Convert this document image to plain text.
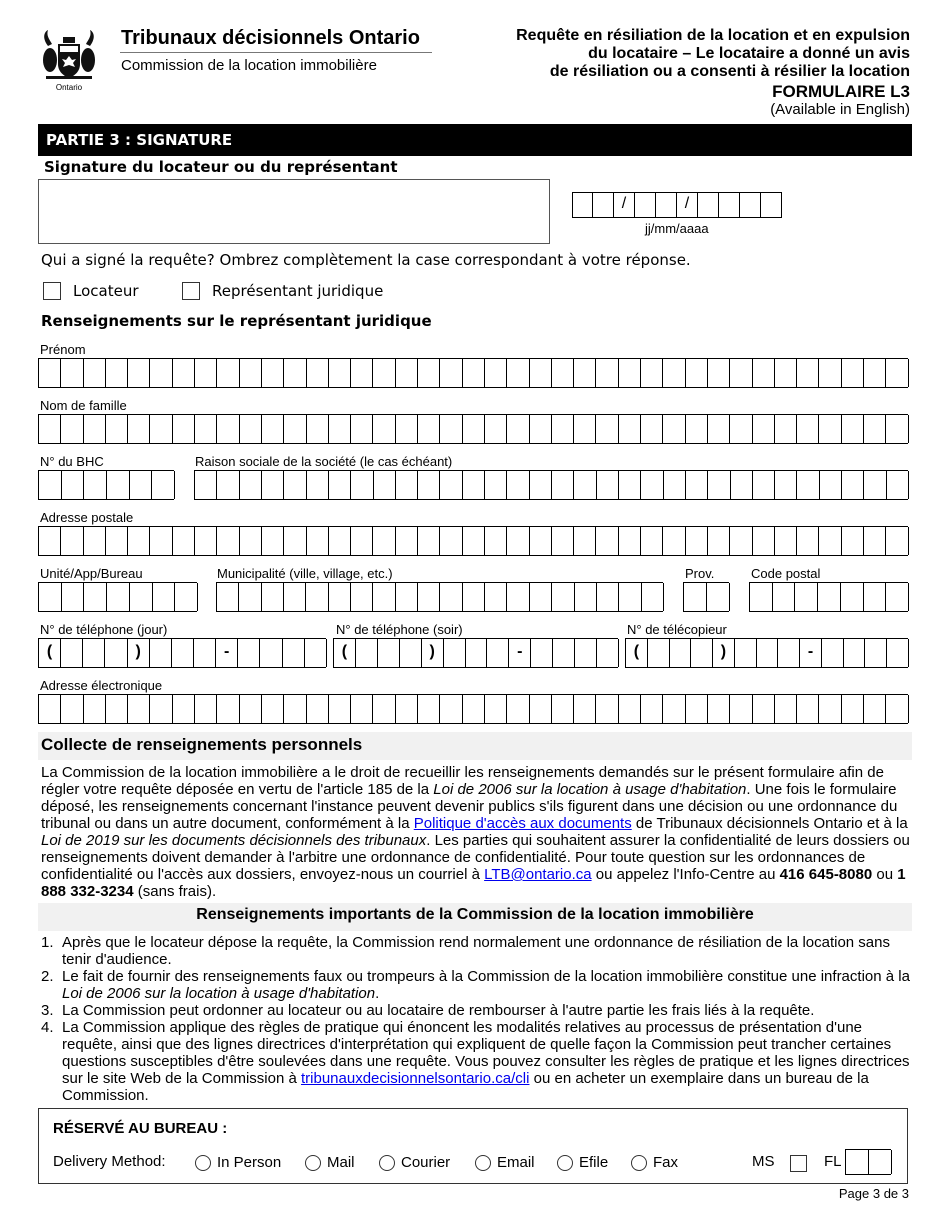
Ontario
Tribunaux décisionnels Ontario
Commission de la location immobilière
Requête en résiliation de la location et en expulsion
du locataire – Le locataire a donné un avis
de résiliation ou a consenti à résilier la location
FORMULAIRE L3
(Available in English)
PARTIE 3 : SIGNATURE
Signature du locateur ou du représentant
/	/
jj/mm/aaaa
Qui a signé la requête? Ombrez complètement la case correspondant à votre réponse.
Locateur	Représentant juridique
Renseignements sur le représentant juridique
Prénom
Nom de famille
N° du BHC	Raison sociale de la société (le cas échéant)
Adresse postale
Unité/App/Bureau	Municipalité (ville, village, etc.)	Prov.	Code postal
N° de téléphone (jour)
(	)	-
N° de téléphone (soir)
(	)	-
N° de télécopieur
(	)	-
Adresse électronique
Collecte de renseignements personnels
La Commission de la location immobilière a le droit de recueillir les renseignements demandés sur le présent formulaire afin de régler votre requête déposée en vertu de l'article 185 de la Loi de 2006 sur la location à usage d'habitation. Une fois le formulaire déposé, les renseignements concernant l'instance peuvent devenir publics s'ils figurent dans une décision ou une ordonnance du tribunal ou dans un autre document, conformément à la Politique d'accès aux documents de Tribunaux décisionnels Ontario et à la Loi de 2019 sur les documents décisionnels des tribunaux. Les parties qui souhaitent assurer la confidentialité de leurs dossiers ou renseignements doivent demander à l'arbitre une ordonnance de confidentialité. Pour toute question sur les ordonnances de confidentialité ou l'accès aux dossiers, envoyez-nous un courriel à LTB@ontario.ca ou appelez l'Info-Centre au 416 645-8080 ou 1 888 332-3234 (sans frais).
Renseignements importants de la Commission de la location immobilière
1. Après que le locateur dépose la requête, la Commission rend normalement une ordonnance de résiliation de la location sans tenir d'audience.
2. Le fait de fournir des renseignements faux ou trompeurs à la Commission de la location immobilière constitue une infraction à la Loi de 2006 sur la location à usage d'habitation.
3. La Commission peut ordonner au locateur ou au locataire de rembourser à l'autre partie les frais liés à la requête.
4. La Commission applique des règles de pratique qui énoncent les modalités relatives au processus de présentation d'une requête, ainsi que des lignes directrices d'interprétation qui expliquent de quelle façon la Commission peut trancher certaines questions susceptibles d'être soulevées dans une requête. Vous pouvez consulter les règles de pratique et les lignes directrices sur le site Web de la Commission à tribunauxdecisionnelsontario.ca/cli ou en acheter un exemplaire dans un bureau de la Commission.
RÉSERVÉ AU BUREAU :
Delivery Method:	In Person	Mail	Courier	Email	Efile	Fax	MS	FL
Page 3 de 3
